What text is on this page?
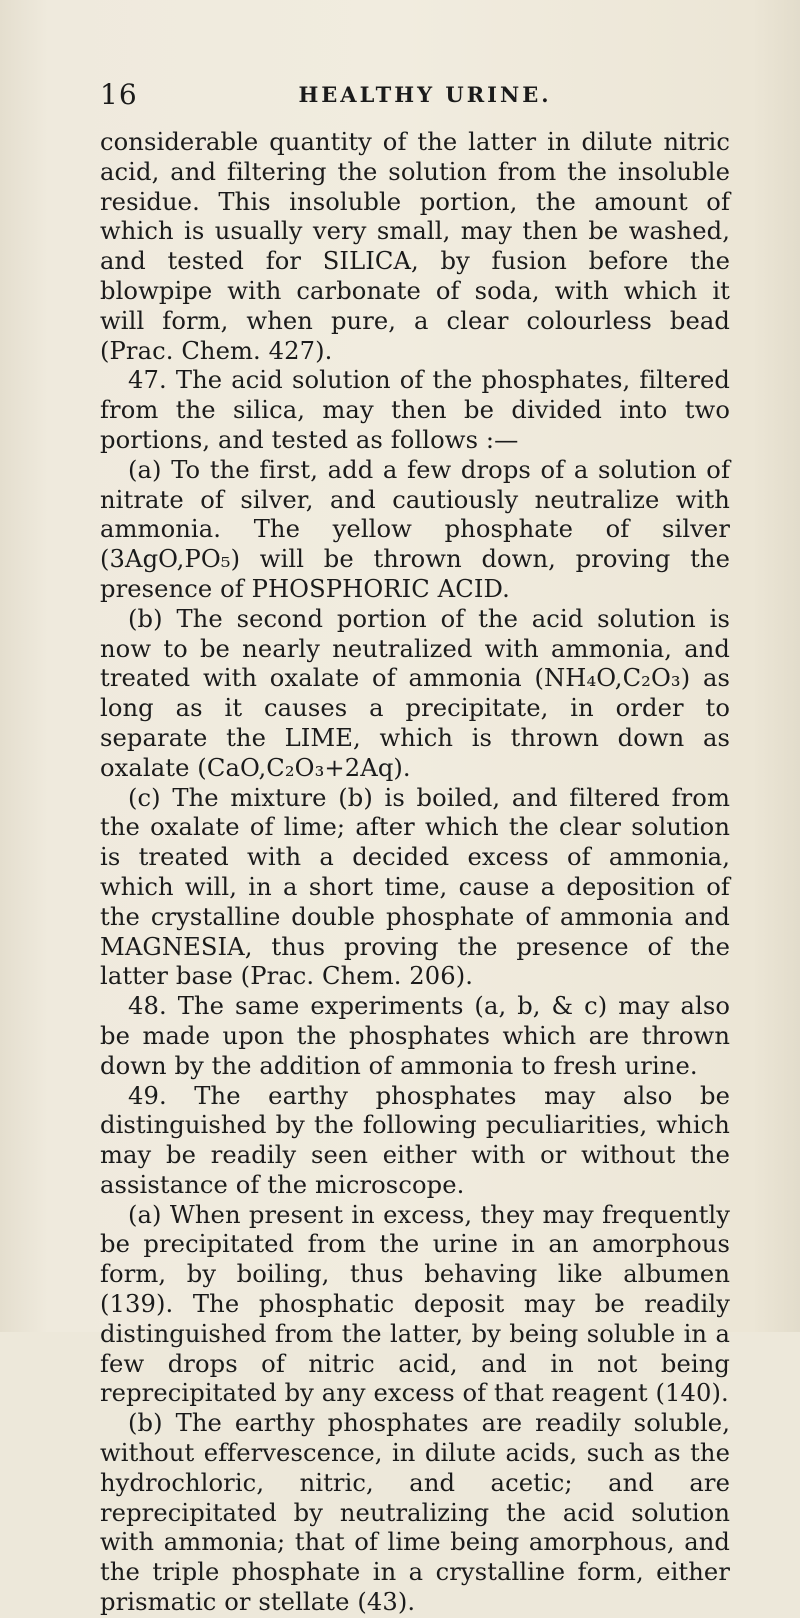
16	HEALTHY URINE.

considerable quantity of the latter in dilute nitric acid, and filtering the solution from the insoluble residue. This insoluble portion, the amount of which is usually very small, may then be washed, and tested for SILICA, by fusion before the blowpipe with carbonate of soda, with which it will form, when pure, a clear colourless bead (Prac. Chem. 427).

47. The acid solution of the phosphates, filtered from the silica, may then be divided into two portions, and tested as follows :—

(a) To the first, add a few drops of a solution of nitrate of silver, and cautiously neutralize with ammonia. The yellow phosphate of silver (3AgO,PO₅) will be thrown down, proving the presence of PHOSPHORIC ACID.

(b) The second portion of the acid solution is now to be nearly neutralized with ammonia, and treated with oxalate of ammonia (NH₄O,C₂O₃) as long as it causes a precipitate, in order to separate the LIME, which is thrown down as oxalate (CaO,C₂O₃+2Aq).

(c) The mixture (b) is boiled, and filtered from the oxalate of lime; after which the clear solution is treated with a decided excess of ammonia, which will, in a short time, cause a deposition of the crystalline double phosphate of ammonia and MAGNESIA, thus proving the presence of the latter base (Prac. Chem. 206).

48. The same experiments (a, b, & c) may also be made upon the phosphates which are thrown down by the addition of ammonia to fresh urine.

49. The earthy phosphates may also be distinguished by the following peculiarities, which may be readily seen either with or without the assistance of the microscope.

(a) When present in excess, they may frequently be precipitated from the urine in an amorphous form, by boiling, thus behaving like albumen (139). The phosphatic deposit may be readily distinguished from the latter, by being soluble in a few drops of nitric acid, and in not being reprecipitated by any excess of that reagent (140).

(b) The earthy phosphates are readily soluble, without effervescence, in dilute acids, such as the hydrochloric, nitric, and acetic; and are reprecipitated by neutralizing the acid solution with ammonia; that of lime being amorphous, and the triple phosphate in a crystalline form, either prismatic or stellate (43).
